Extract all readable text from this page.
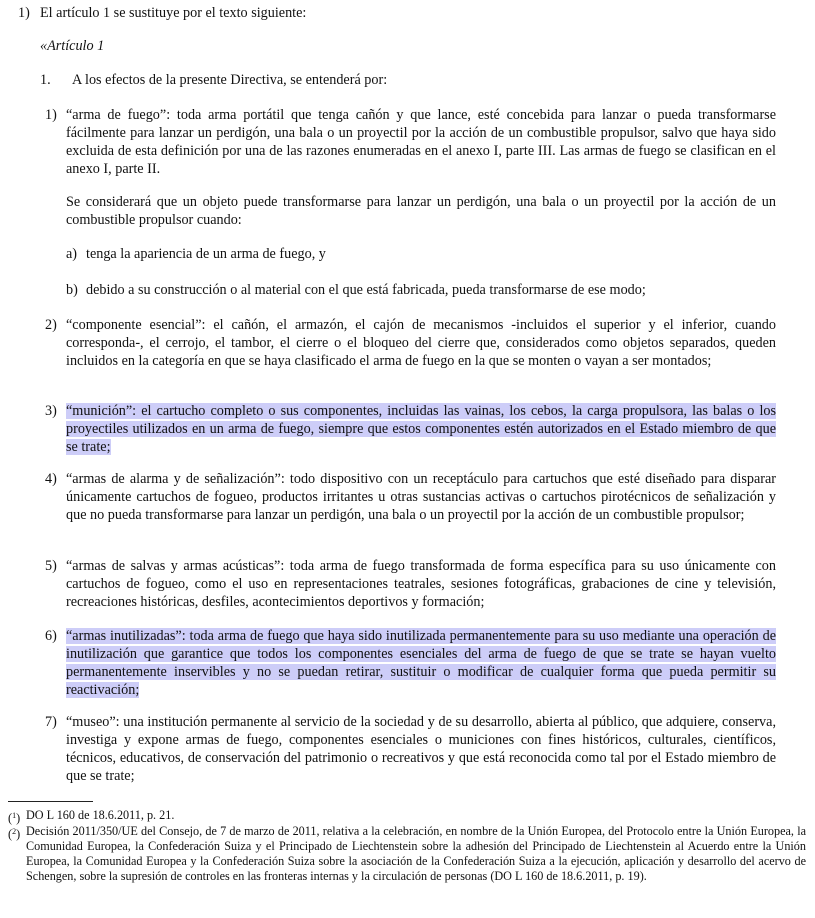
1) El artículo 1 se sustituye por el texto siguiente:
«Artículo 1
1. A los efectos de la presente Directiva, se entenderá por:
1) “arma de fuego”: toda arma portátil que tenga cañón y que lance, esté concebida para lanzar o pueda transformarse fácilmente para lanzar un perdigón, una bala o un proyectil por la acción de un combustible propulsor, salvo que haya sido excluida de esta definición por una de las razones enumeradas en el anexo I, parte III. Las armas de fuego se clasifican en el anexo I, parte II.
Se considerará que un objeto puede transformarse para lanzar un perdigón, una bala o un proyectil por la acción de un combustible propulsor cuando:
a) tenga la apariencia de un arma de fuego, y
b) debido a su construcción o al material con el que está fabricada, pueda transformarse de ese modo;
2) “componente esencial”: el cañón, el armazón, el cajón de mecanismos -incluidos el superior y el inferior, cuando corresponda-, el cerrojo, el tambor, el cierre o el bloqueo del cierre que, considerados como objetos separados, queden incluidos en la categoría en que se haya clasificado el arma de fuego en la que se monten o vayan a ser montados;
3) “munición”: el cartucho completo o sus componentes, incluidas las vainas, los cebos, la carga propulsora, las balas o los proyectiles utilizados en un arma de fuego, siempre que estos componentes estén autorizados en el Estado miembro de que se trate;
4) “armas de alarma y de señalización”: todo dispositivo con un receptáculo para cartuchos que esté diseñado para disparar únicamente cartuchos de fogueo, productos irritantes u otras sustancias activas o cartuchos pirotécnicos de señalización y que no pueda transformarse para lanzar un perdigón, una bala o un proyectil por la acción de un combustible propulsor;
5) “armas de salvas y armas acústicas”: toda arma de fuego transformada de forma específica para su uso únicamente con cartuchos de fogueo, como el uso en representaciones teatrales, sesiones fotográficas, grabaciones de cine y televisión, recreaciones históricas, desfiles, acontecimientos deportivos y formación;
6) “armas inutilizadas”: toda arma de fuego que haya sido inutilizada permanentemente para su uso mediante una operación de inutilización que garantice que todos los componentes esenciales del arma de fuego de que se trate se hayan vuelto permanentemente inservibles y no se puedan retirar, sustituir o modificar de cualquier forma que pueda permitir su reactivación;
7) “museo”: una institución permanente al servicio de la sociedad y de su desarrollo, abierta al público, que adquiere, conserva, investiga y expone armas de fuego, componentes esenciales o municiones con fines históricos, culturales, científicos, técnicos, educativos, de conservación del patrimonio o recreativos y que está reconocida como tal por el Estado miembro de que se trate;
($^1$) DO L 160 de 18.6.2011, p. 21.
($^2$) Decisión 2011/350/UE del Consejo, de 7 de marzo de 2011, relativa a la celebración, en nombre de la Unión Europea, del Protocolo entre la Unión Europea, la Comunidad Europea, la Confederación Suiza y el Principado de Liechtenstein sobre la adhesión del Principado de Liechtenstein al Acuerdo entre la Unión Europea, la Comunidad Europea y la Confederación Suiza sobre la asociación de la Confederación Suiza a la ejecución, aplicación y desarrollo del acervo de Schengen, sobre la supresión de controles en las fronteras internas y la circulación de personas (DO L 160 de 18.6.2011, p. 19).
